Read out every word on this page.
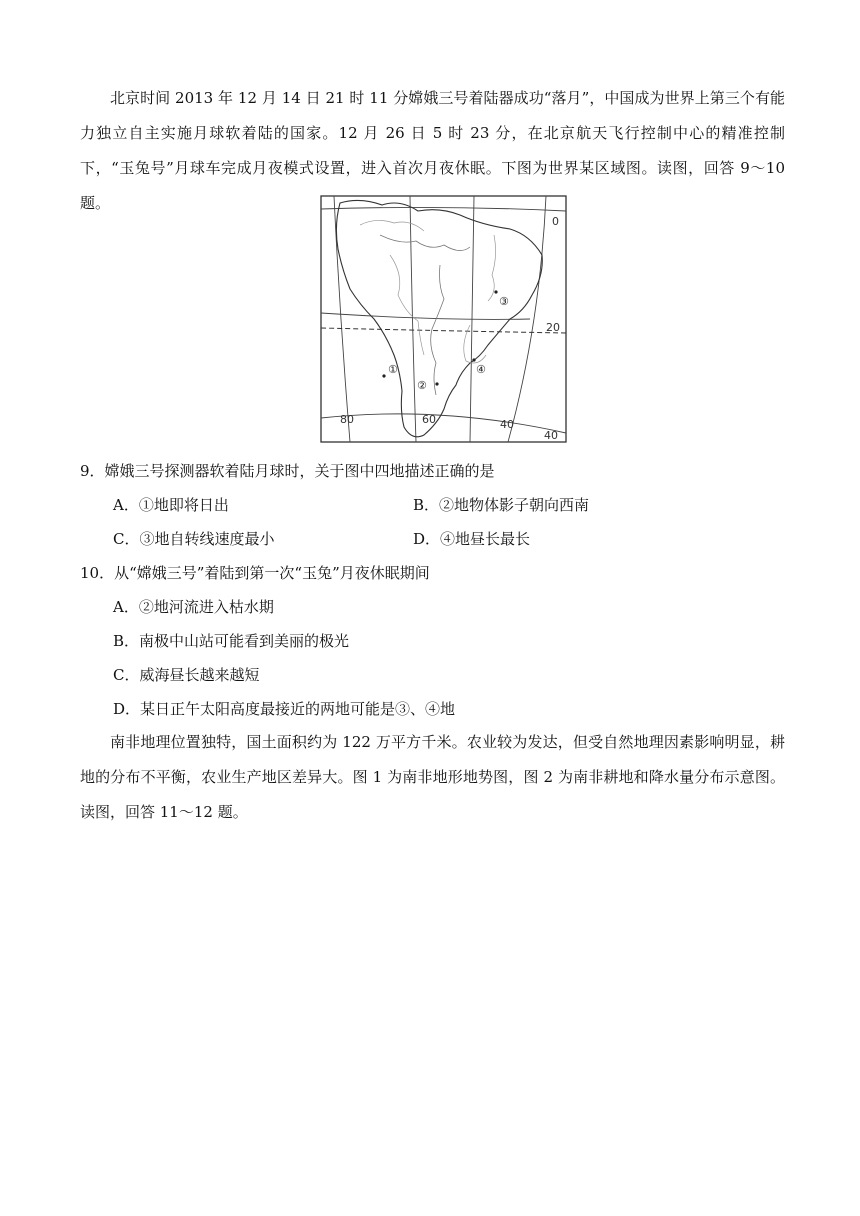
北京时间 2013 年 12 月 14 日 21 时 11 分嫦娥三号着陆器成功“落月”，中国成为世界上第三个有能力独立自主实施月球软着陆的国家。12 月 26 日 5 时 23 分，在北京航天飞行控制中心的精准控制下，“玉兔号”月球车完成月夜模式设置，进入首次月夜休眠。下图为世界某区域图。读图，回答 9～10 题。

0
20
40
80	60	40
③
④
②
①

9．嫦娥三号探测器软着陆月球时，关于图中四地描述正确的是

A．①地即将日出	B．②地物体影子朝向西南

C．③地自转线速度最小	D．④地昼长最长

10．从“嫦娥三号”着陆到第一次“玉兔”月夜休眠期间

A．②地河流进入枯水期

B．南极中山站可能看到美丽的极光

C．威海昼长越来越短

D．某日正午太阳高度最接近的两地可能是③、④地

南非地理位置独特，国土面积约为 122 万平方千米。农业较为发达，但受自然地理因素影响明显，耕地的分布不平衡，农业生产地区差异大。图 1 为南非地形地势图，图 2 为南非耕地和降水量分布示意图。读图，回答 11～12 题。
